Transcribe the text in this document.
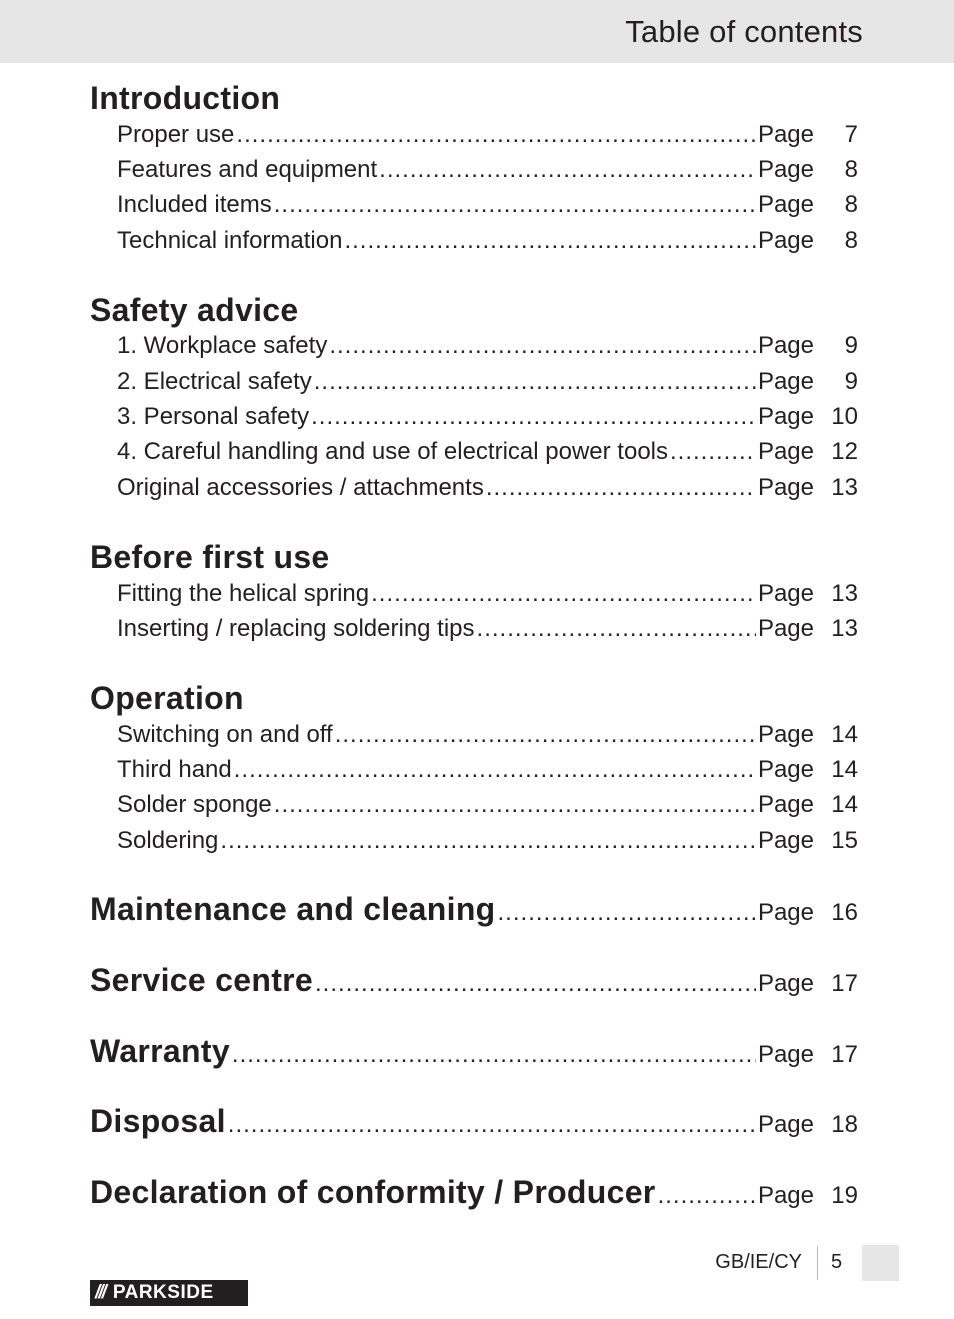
Table of contents
Introduction
Proper use .....	Page	7
Features and equipment .....	Page	8
Included items .....	Page	8
Technical information .....	Page	8
Safety advice
1. Workplace safety .....	Page	9
2. Electrical safety .....	Page	9
3. Personal safety .....	Page 10
4. Careful handling and use of electrical power tools .....	Page 12
Original accessories / attachments .....	Page 13
Before first use
Fitting the helical spring .....	Page 13
Inserting / replacing soldering tips .....	Page 13
Operation
Switching on and off .....	Page 14
Third hand .....	Page 14
Solder sponge .....	Page 14
Soldering .....	Page 15
Maintenance and cleaning .....	Page 16
Service centre .....	Page 17
Warranty .....	Page 17
Disposal .....	Page 18
Declaration of conformity / Producer .....	Page 19
/// PARKSIDE
GB/IE/CY 5
